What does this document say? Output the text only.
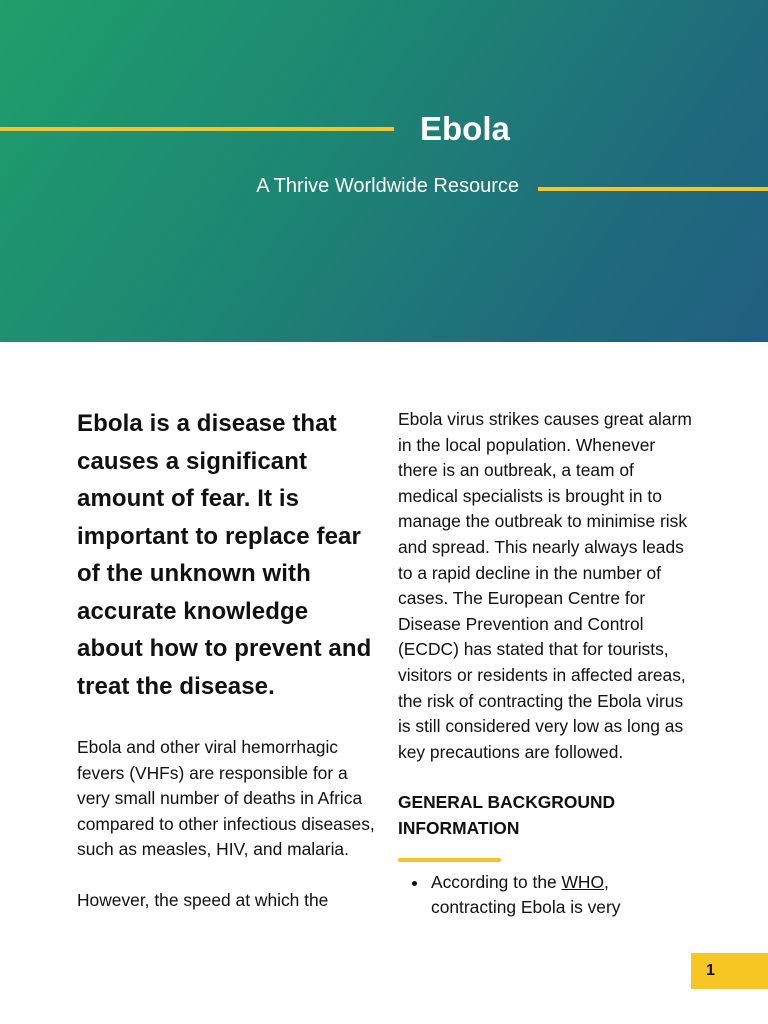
Ebola
A Thrive Worldwide Resource

Ebola is a disease that causes a significant amount of fear. It is important to replace fear of the unknown with accurate knowledge about how to prevent and treat the disease.

Ebola and other viral hemorrhagic fevers (VHFs) are responsible for a very small number of deaths in Africa compared to other infectious diseases, such as measles, HIV, and malaria.

However, the speed at which the

Ebola virus strikes causes great alarm in the local population. Whenever there is an outbreak, a team of medical specialists is brought in to manage the outbreak to minimise risk and spread. This nearly always leads to a rapid decline in the number of cases. The European Centre for Disease Prevention and Control (ECDC) has stated that for tourists, visitors or residents in affected areas, the risk of contracting the Ebola virus is still considered very low as long as key precautions are followed.

GENERAL BACKGROUND INFORMATION
According to the WHO, contracting Ebola is very
1
